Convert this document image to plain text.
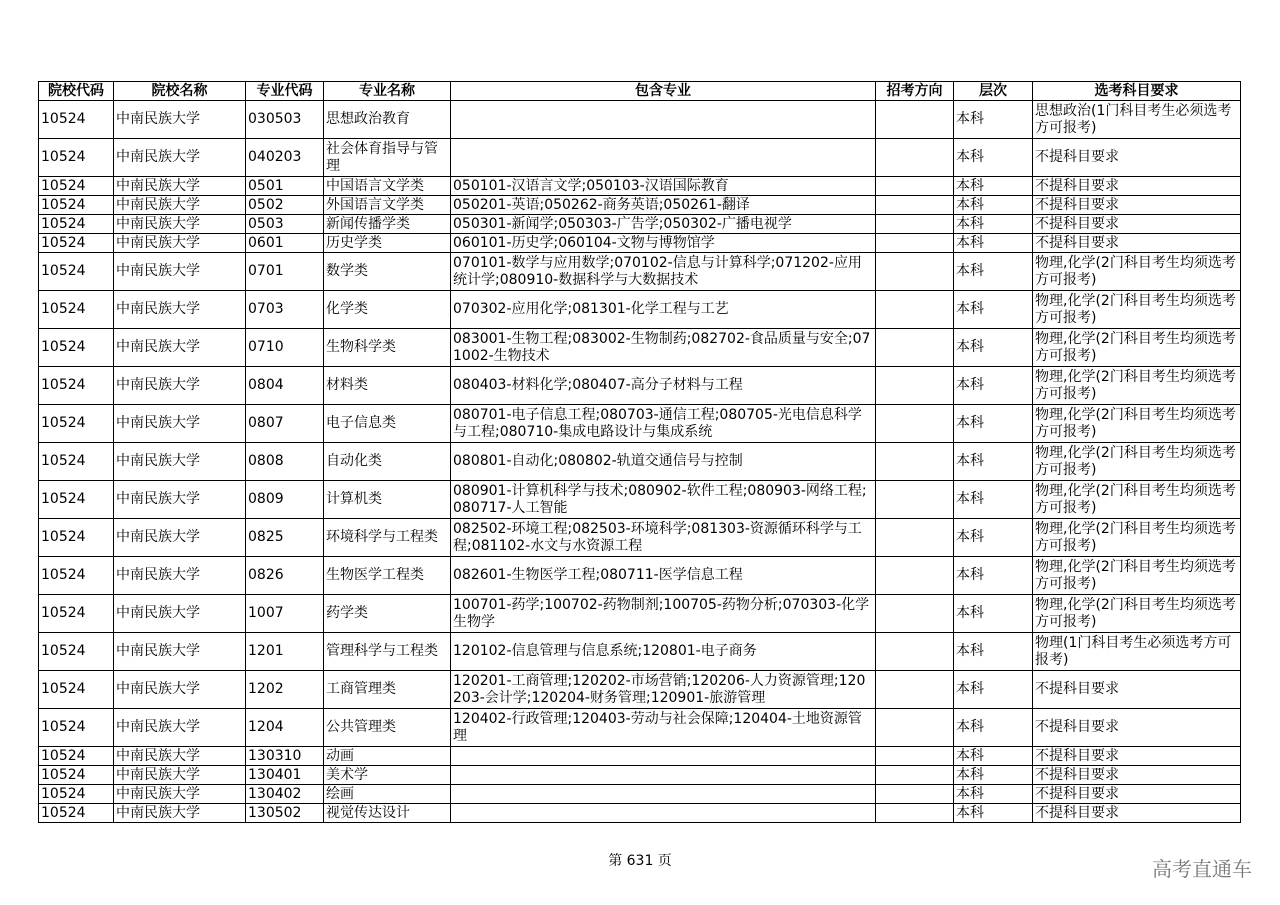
院校代码	院校名称	专业代码	专业名称	包含专业	招考方向	层次	选考科目要求
10524	中南民族大学	030503	思想政治教育			本科	思想政治(1门科目考生必须选考方可报考)
10524	中南民族大学	040203	社会体育指导与管理			本科	不提科目要求
10524	中南民族大学	0501	中国语言文学类	050101-汉语言文学;050103-汉语国际教育		本科	不提科目要求
10524	中南民族大学	0502	外国语言文学类	050201-英语;050262-商务英语;050261-翻译		本科	不提科目要求
10524	中南民族大学	0503	新闻传播学类	050301-新闻学;050303-广告学;050302-广播电视学		本科	不提科目要求
10524	中南民族大学	0601	历史学类	060101-历史学;060104-文物与博物馆学		本科	不提科目要求
10524	中南民族大学	0701	数学类	070101-数学与应用数学;070102-信息与计算科学;071202-应用统计学;080910-数据科学与大数据技术		本科	物理,化学(2门科目考生均须选考方可报考)
10524	中南民族大学	0703	化学类	070302-应用化学;081301-化学工程与工艺		本科	物理,化学(2门科目考生均须选考方可报考)
10524	中南民族大学	0710	生物科学类	083001-生物工程;083002-生物制药;082702-食品质量与安全;071002-生物技术		本科	物理,化学(2门科目考生均须选考方可报考)
10524	中南民族大学	0804	材料类	080403-材料化学;080407-高分子材料与工程		本科	物理,化学(2门科目考生均须选考方可报考)
10524	中南民族大学	0807	电子信息类	080701-电子信息工程;080703-通信工程;080705-光电信息科学与工程;080710-集成电路设计与集成系统		本科	物理,化学(2门科目考生均须选考方可报考)
10524	中南民族大学	0808	自动化类	080801-自动化;080802-轨道交通信号与控制		本科	物理,化学(2门科目考生均须选考方可报考)
10524	中南民族大学	0809	计算机类	080901-计算机科学与技术;080902-软件工程;080903-网络工程;080717-人工智能		本科	物理,化学(2门科目考生均须选考方可报考)
10524	中南民族大学	0825	环境科学与工程类	082502-环境工程;082503-环境科学;081303-资源循环科学与工程;081102-水文与水资源工程		本科	物理,化学(2门科目考生均须选考方可报考)
10524	中南民族大学	0826	生物医学工程类	082601-生物医学工程;080711-医学信息工程		本科	物理,化学(2门科目考生均须选考方可报考)
10524	中南民族大学	1007	药学类	100701-药学;100702-药物制剂;100705-药物分析;070303-化学生物学		本科	物理,化学(2门科目考生均须选考方可报考)
10524	中南民族大学	1201	管理科学与工程类	120102-信息管理与信息系统;120801-电子商务		本科	物理(1门科目考生必须选考方可报考)
10524	中南民族大学	1202	工商管理类	120201-工商管理;120202-市场营销;120206-人力资源管理;120203-会计学;120204-财务管理;120901-旅游管理		本科	不提科目要求
10524	中南民族大学	1204	公共管理类	120402-行政管理;120403-劳动与社会保障;120404-土地资源管理		本科	不提科目要求
10524	中南民族大学	130310	动画			本科	不提科目要求
10524	中南民族大学	130401	美术学			本科	不提科目要求
10524	中南民族大学	130402	绘画			本科	不提科目要求
10524	中南民族大学	130502	视觉传达设计			本科	不提科目要求
第 631 页	高考直通车
